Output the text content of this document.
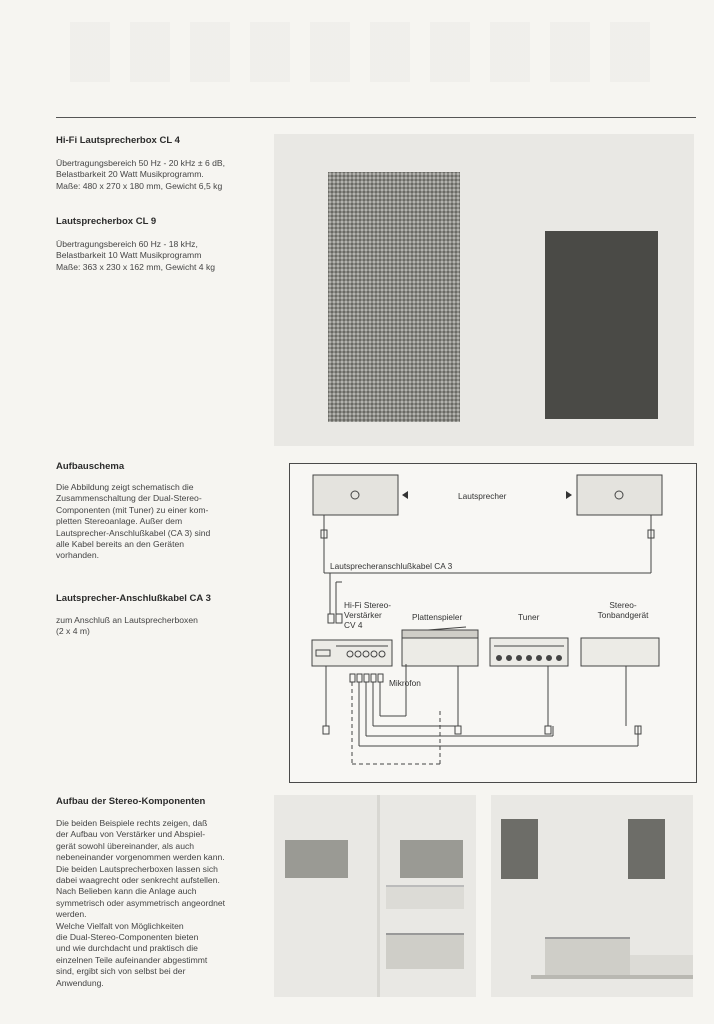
Hi-Fi Lautsprecherbox CL 4
Übertragungsbereich 50 Hz - 20 kHz ± 6 dB,
Belastbarkeit 20 Watt Musikprogramm.
Maße: 480 x 270 x 180 mm, Gewicht 6,5 kg
Lautsprecherbox CL 9
Übertragungsbereich 60 Hz - 18 kHz,
Belastbarkeit 10 Watt Musikprogramm
Maße: 363 x 230 x 162 mm, Gewicht 4 kg
Aufbauschema
Die Abbildung zeigt schematisch die
Zusammenschaltung der Dual-Stereo-
Componenten (mit Tuner) zu einer kom-
pletten Stereoanlage. Außer dem
Lautsprecher-Anschlußkabel (CA 3) sind
alle Kabel bereits an den Geräten
vorhanden.
Lautsprecher-Anschlußkabel CA 3
zum Anschluß an Lautsprecherboxen
(2 x 4 m)
Aufbau der Stereo-Komponenten
Die beiden Beispiele rechts zeigen, daß
der Aufbau von Verstärker und Abspiel-
gerät sowohl übereinander, als auch
nebeneinander vorgenommen werden kann.
Die beiden Lautsprecherboxen lassen sich
dabei waagrecht oder senkrecht aufstellen.
Nach Belieben kann die Anlage auch
symmetrisch oder asymmetrisch angeordnet
werden.
Welche Vielfalt von Möglichkeiten
die Dual-Stereo-Componenten bieten
und wie durchdacht und praktisch die
einzelnen Teile aufeinander abgestimmt
sind, ergibt sich von selbst bei der
Anwendung.
Lautsprecher
Lautsprecheranschlußkabel CA 3
Hi-Fi Stereo-
Verstärker
CV 4
Plattenspieler	Tuner
Stereo-
Tonbandgerät
Mikrofon
